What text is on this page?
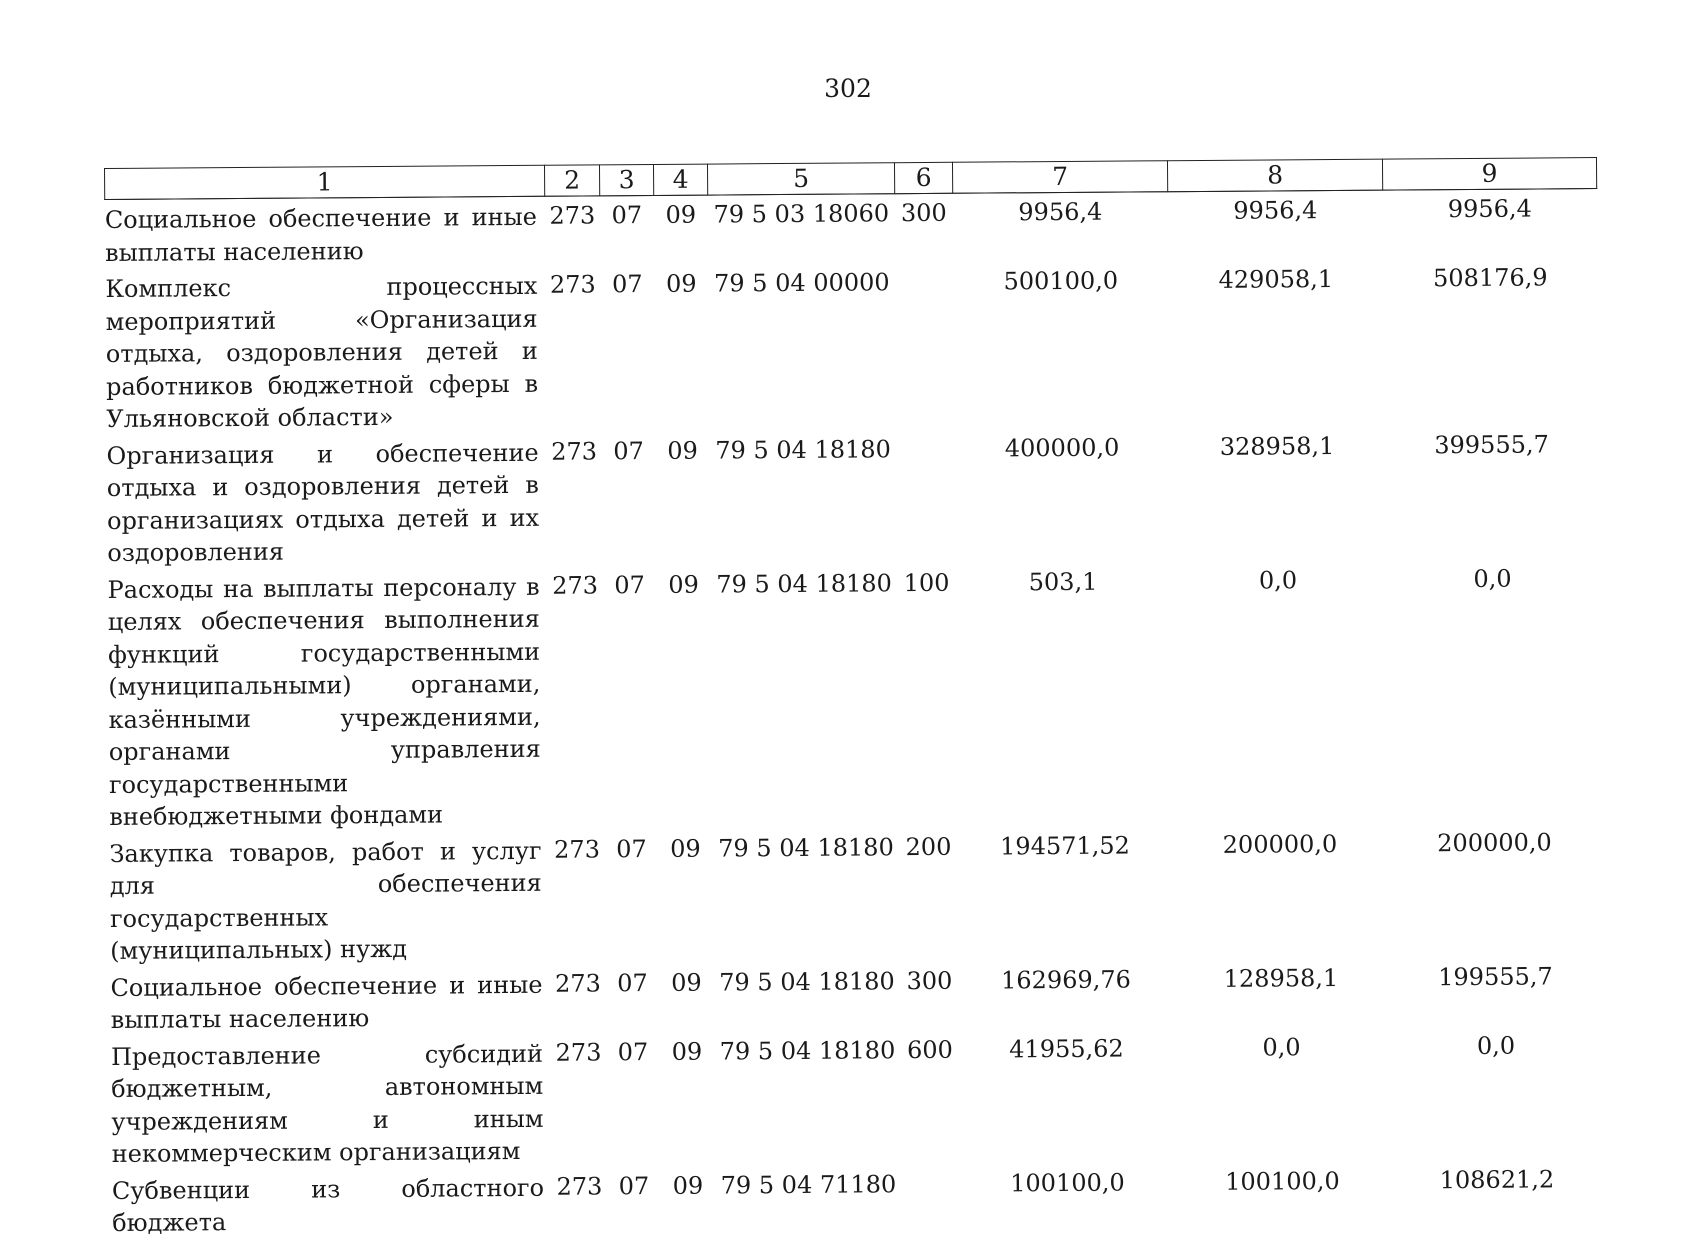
302
1	2	3	4	5	6	7	8	9
Социальное обеспечение и иные выплаты населению	273	07	09	79 5 03 18060	300	9956,4	9956,4	9956,4
Комплекс процессных мероприятий «Организация отдыха, оздоровления детей и работников бюджетной сферы в Ульяновской области»	273	07	09	79 5 04 00000		500100,0	429058,1	508176,9
Организация и обеспечение отдыха и оздоровления детей в организациях отдыха детей и их оздоровления	273	07	09	79 5 04 18180		400000,0	328958,1	399555,7
Расходы на выплаты персоналу в целях обеспечения выполнения функций государственными (муниципальными) органами, казёнными учреждениями, органами управления государственными внебюджетными фондами	273	07	09	79 5 04 18180	100	503,1	0,0	0,0
Закупка товаров, работ и услуг для обеспечения государственных (муниципальных) нужд	273	07	09	79 5 04 18180	200	194571,52	200000,0	200000,0
Социальное обеспечение и иные выплаты населению	273	07	09	79 5 04 18180	300	162969,76	128958,1	199555,7
Предоставление субсидий бюджетным, автономным учреждениям и иным некоммерческим организациям	273	07	09	79 5 04 18180	600	41955,62	0,0	0,0
Субвенции из областного бюджета	273	07	09	79 5 04 71180		100100,0	100100,0	108621,2
